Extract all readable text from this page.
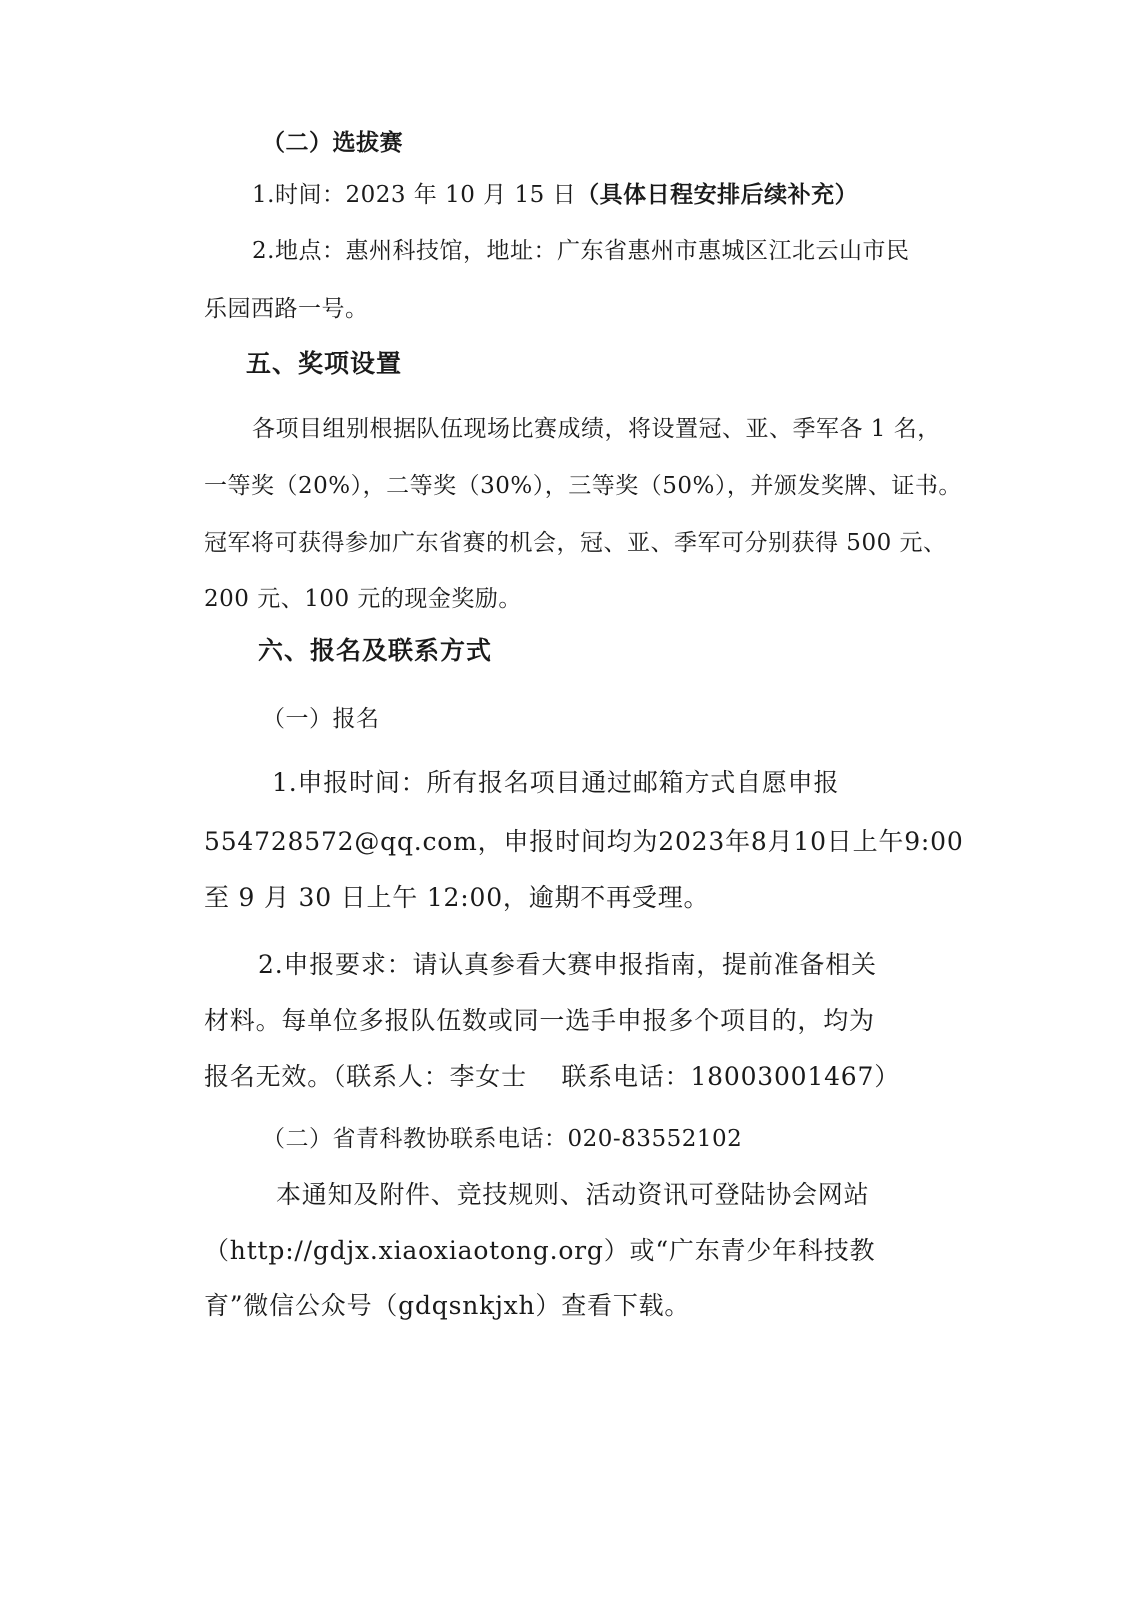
（二）选拔赛
1.时间：2023 年 10 月 15 日（具体日程安排后续补充）
2.地点：惠州科技馆，地址：广东省惠州市惠城区江北云山市民
乐园西路一号。
五、奖项设置
各项目组别根据队伍现场比赛成绩，将设置冠、亚、季军各 1 名，
一等奖（20%），二等奖（30%），三等奖（50%），并颁发奖牌、证书。
冠军将可获得参加广东省赛的机会，冠、亚、季军可分别获得 500 元、
200 元、100 元的现金奖励。
六、报名及联系方式
（一）报名
1.申报时间：所有报名项目通过邮箱方式自愿申报
554728572@qq.com，申报时间均为2023年8月10日上午9:00
至 9 月 30 日上午 12:00，逾期不再受理。
2.申报要求：请认真参看大赛申报指南，提前准备相关
材料。每单位多报队伍数或同一选手申报多个项目的，均为
报名无效。（联系人：李女士　 联系电话：18003001467）
（二）省青科教协联系电话：020-83552102
本通知及附件、竞技规则、活动资讯可登陆协会网站
（http://gdjx.xiaoxiaotong.org）或“广东青少年科技教
育”微信公众号（gdqsnkjxh）查看下载。
